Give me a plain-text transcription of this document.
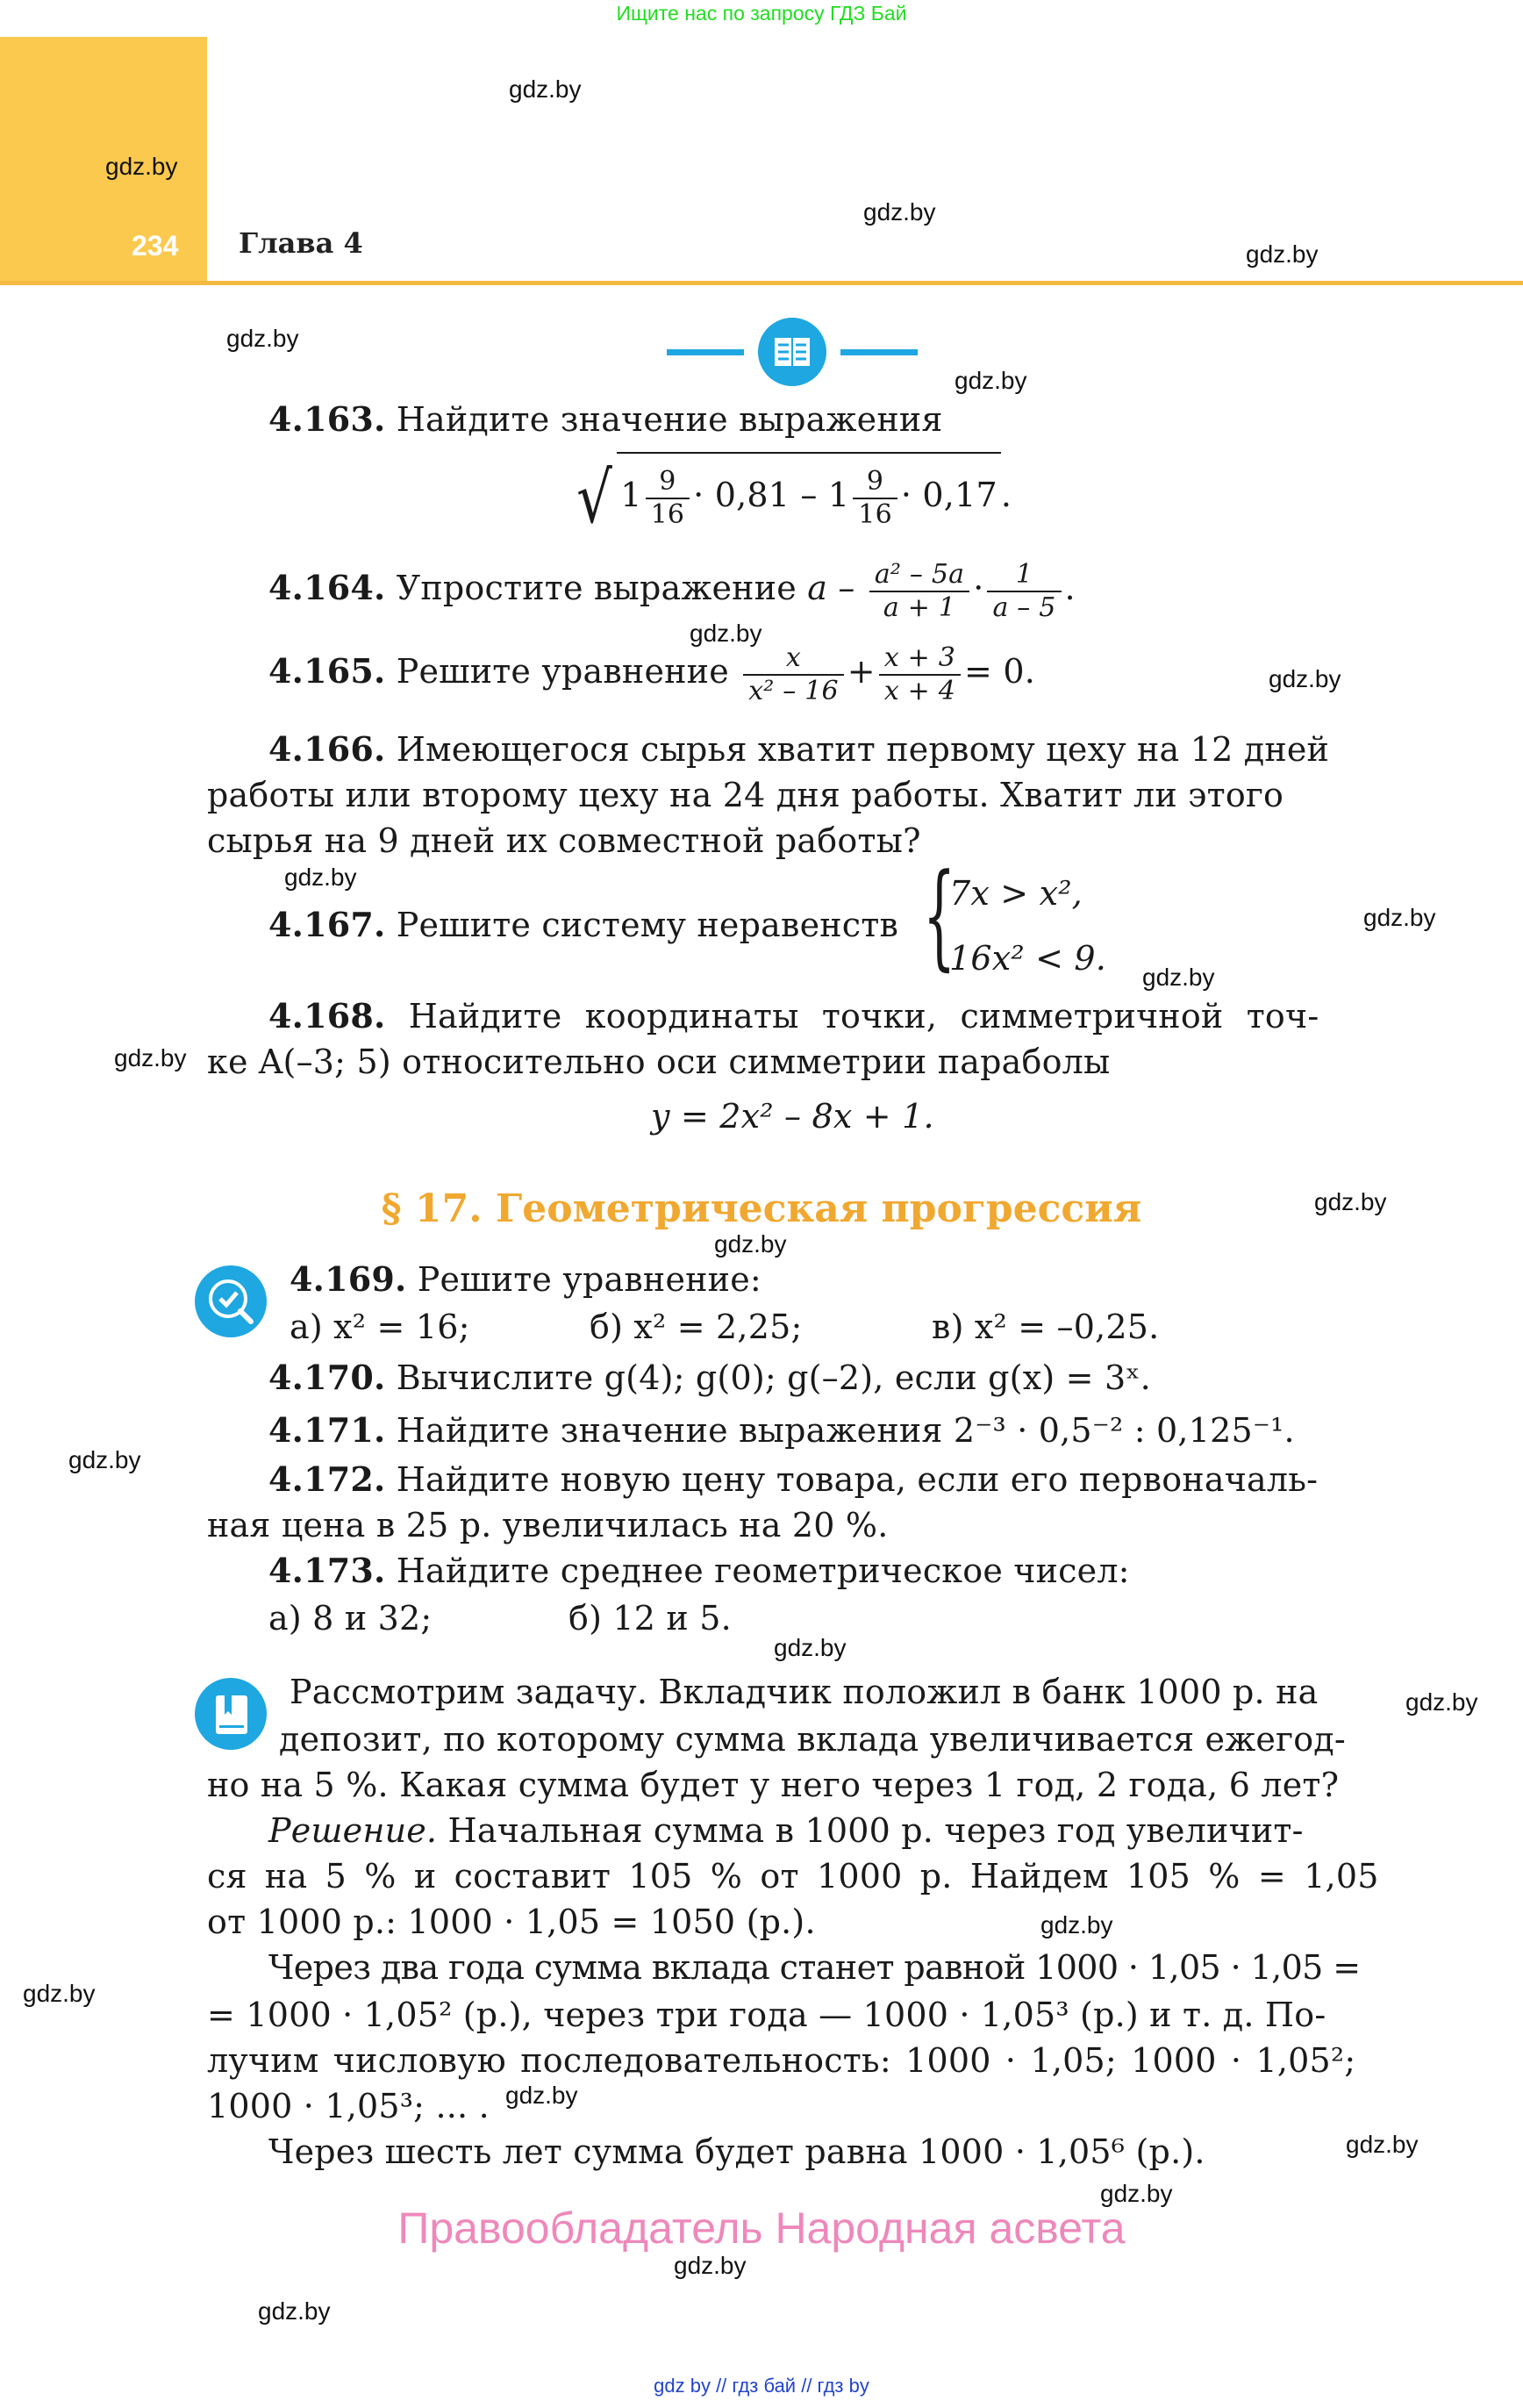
Ищите нас по запросу ГДЗ Бай
234 Глава 4
4.163. Найдите значение выражения
√ $1 \frac{9}{16} \cdot 0,81 - 1 \frac{9}{16} \cdot 0,17$ .
4.164. Упростите выражение $a - \frac{\text{a² – 5a}}{a + 1} \cdot \frac{1}{a - 5}$ .
4.165. Решите уравнение $\frac{x}{\text{x² – 16}} + \frac{x + 3}{x + 4} = 0$.
4.166. Имеющегося сырья хватит первому цеху на 12 дней
работы или второму цеху на 24 дня работы. Хватит ли этого
сырья на 9 дней их совместной работы?
4.167. Решите систему неравенств {
7x > x²,
16x² < 9.
4.168. Найдите координаты точки, симметричной точ-
ке A(–3; 5) относительно оси симметрии параболы
y = 2x² – 8x + 1.
§ 17. Геометрическая прогрессия
4.169. Решите уравнение:
а) x² = 16;	б) x² = 2,25;	в) x² = –0,25.
4.170. Вычислите g(4); g(0); g(–2), если g(x) = 3ˣ.
4.171. Найдите значение выражения 2⁻³ · 0,5⁻² : 0,125⁻¹.
4.172. Найдите новую цену товара, если его первоначаль-
ная цена в 25 р. увеличилась на 20 %.
4.173. Найдите среднее геометрическое чисел:
а) 8 и 32;	б) 12 и 5.
Рассмотрим задачу. Вкладчик положил в банк 1000 р. на
депозит, по которому сумма вклада увеличивается ежегод-
но на 5 %. Какая сумма будет у него через 1 год, 2 года, 6 лет?
Решение. Начальная сумма в 1000 р. через год увеличит-
ся на 5 % и составит 105 % от 1000 р. Найдем 105 % = 1,05
от 1000 р.: 1000 · 1,05 = 1050 (р.).
Через два года сумма вклада станет равной 1000 · 1,05 · 1,05 =
= 1000 · 1,05² (р.), через три года — 1000 · 1,05³ (р.) и т. д. По-
лучим числовую последовательность: 1000 · 1,05; 1000 · 1,05²;
1000 · 1,05³; ... .
Через шесть лет сумма будет равна 1000 · 1,05⁶ (р.).
gdz.by
gdz.by
gdz.by
gdz.by
gdz.by
gdz.by
gdz.by
gdz.by
gdz.by
gdz.by
gdz.by
gdz.by
gdz.by
gdz.by
gdz.by
gdz.by
gdz.by
gdz.by
gdz.by
gdz.by
gdz.by
gdz.by
gdz.by
gdz.by
Правообладатель Народная асвета
gdz by // гдз бай // гдз by
